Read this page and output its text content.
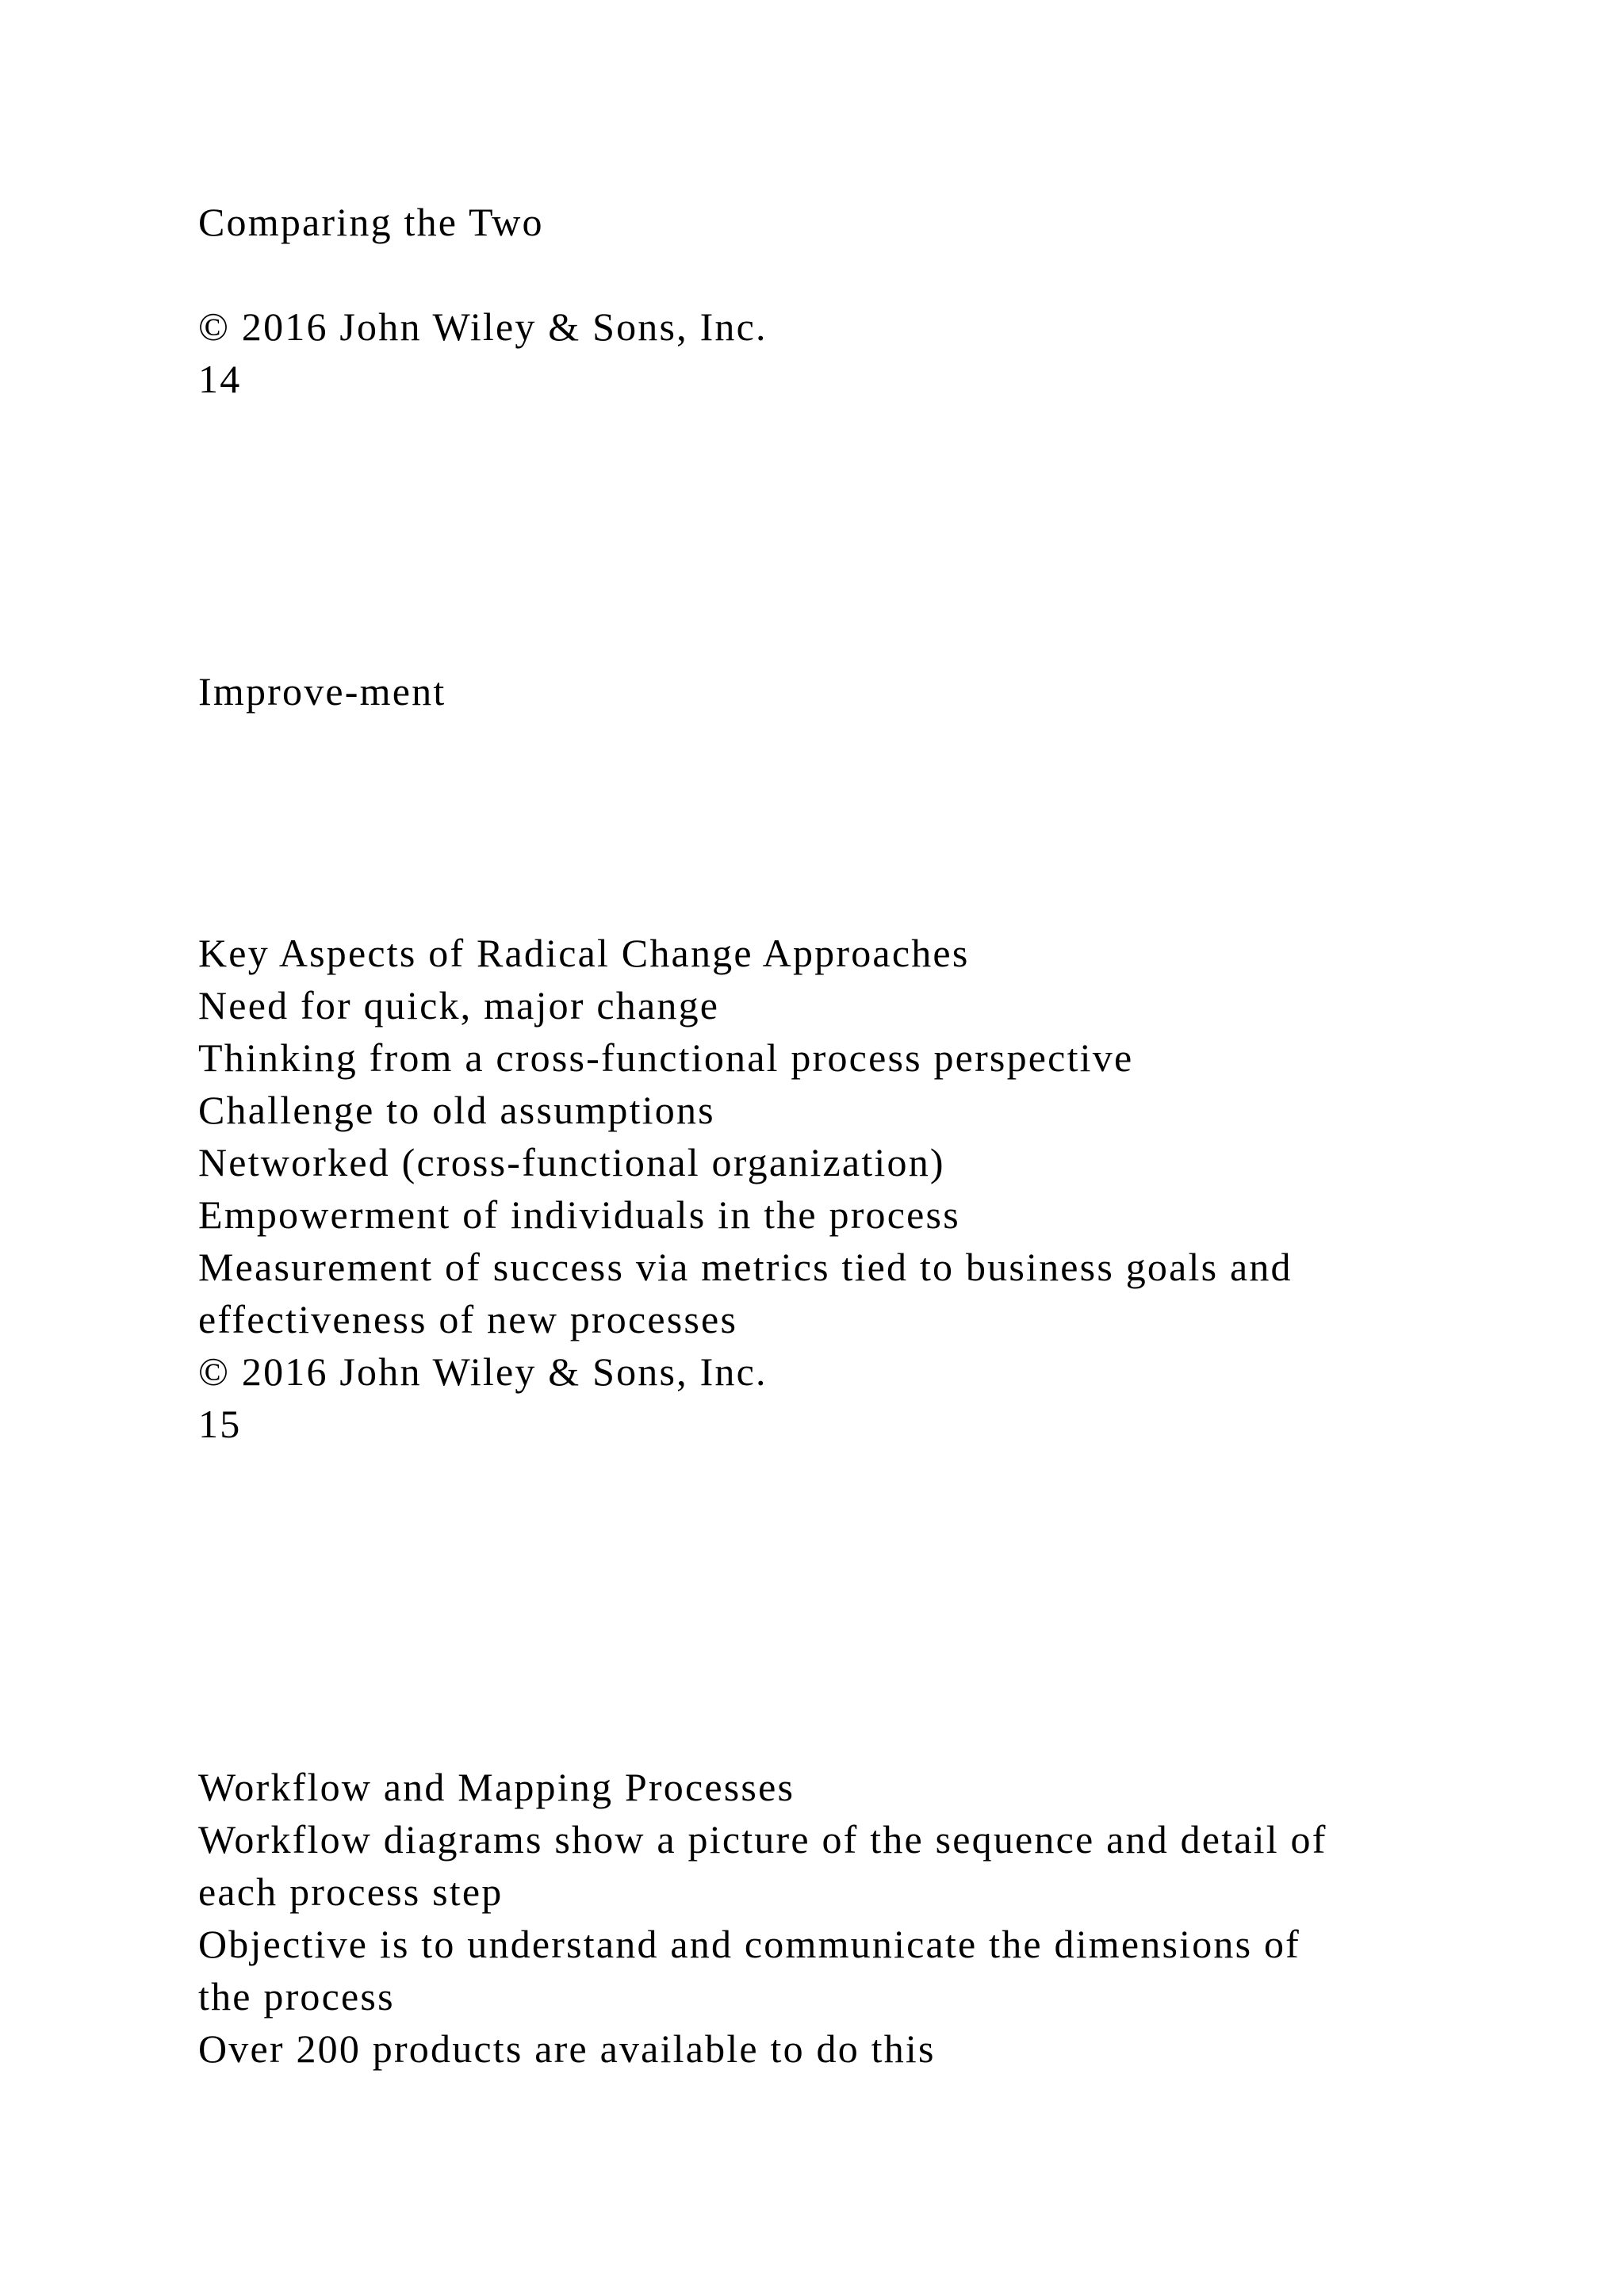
Comparing the Two

© 2016 John Wiley & Sons, Inc.

14

Improve-ment

Key Aspects of Radical Change Approaches

Need for quick, major change

Thinking from a cross-functional process perspective

Challenge to old assumptions

Networked (cross-functional organization)

Empowerment of individuals in the process

Measurement of success via metrics tied to business goals and

effectiveness of new processes

© 2016 John Wiley & Sons, Inc.

15

Workflow and Mapping Processes

Workflow diagrams show a picture of the sequence and detail of

each process step

Objective is to understand and communicate the dimensions of

the process

Over 200 products are available to do this
